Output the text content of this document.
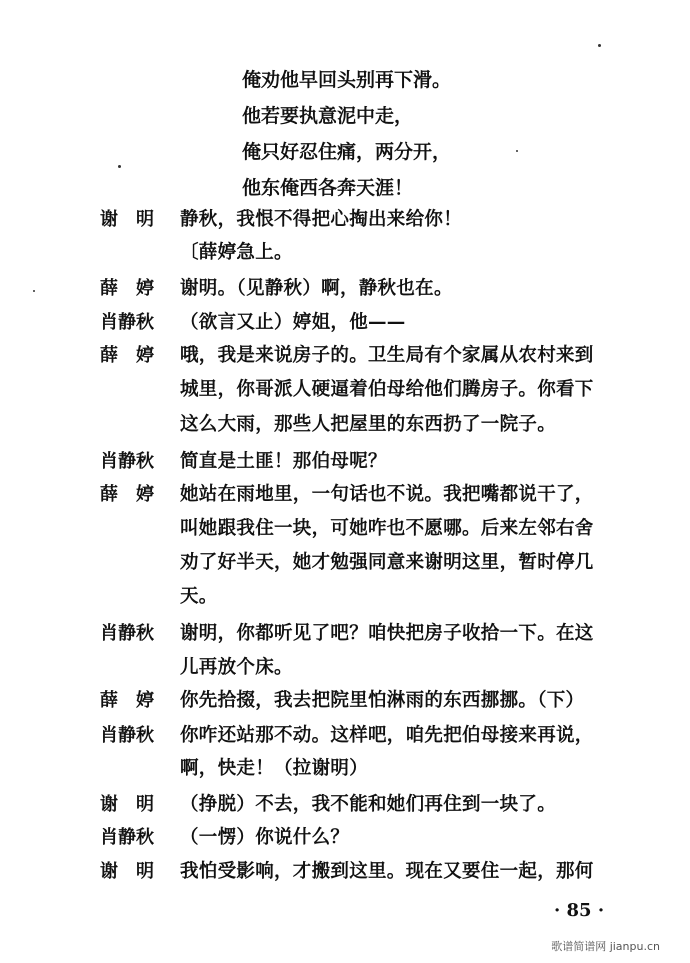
俺劝他早回头别再下滑。
他若要执意泥中走，
俺只好忍住痛，两分开，
他东俺西各奔天涯！
谢　明	静秋，我恨不得把心掏出来给你！
〔薛婷急上。
薛　婷	谢明。（见静秋）啊，静秋也在。
肖静秋	（欲言又止）婷姐，他——
薛　婷	哦，我是来说房子的。卫生局有个家属从农村来到
城里，你哥派人硬逼着伯母给他们腾房子。你看下
这么大雨，那些人把屋里的东西扔了一院子。
肖静秋	简直是土匪！那伯母呢？
薛　婷	她站在雨地里，一句话也不说。我把嘴都说干了，
叫她跟我住一块，可她咋也不愿哪。后来左邻右舍
劝了好半天，她才勉强同意来谢明这里，暂时停几
天。
肖静秋	谢明，你都听见了吧？咱快把房子收拾一下。在这
儿再放个床。
薛　婷	你先拾掇，我去把院里怕淋雨的东西挪挪。（下）
肖静秋	你咋还站那不动。这样吧，咱先把伯母接来再说，
啊，快走！（拉谢明）
谢　明	（挣脱）不去，我不能和她们再住到一块了。
肖静秋	（一愣）你说什么？
谢　明	我怕受影响，才搬到这里。现在又要住一起，那何
· 85 ·
歌谱简谱网 jianpu.cn
